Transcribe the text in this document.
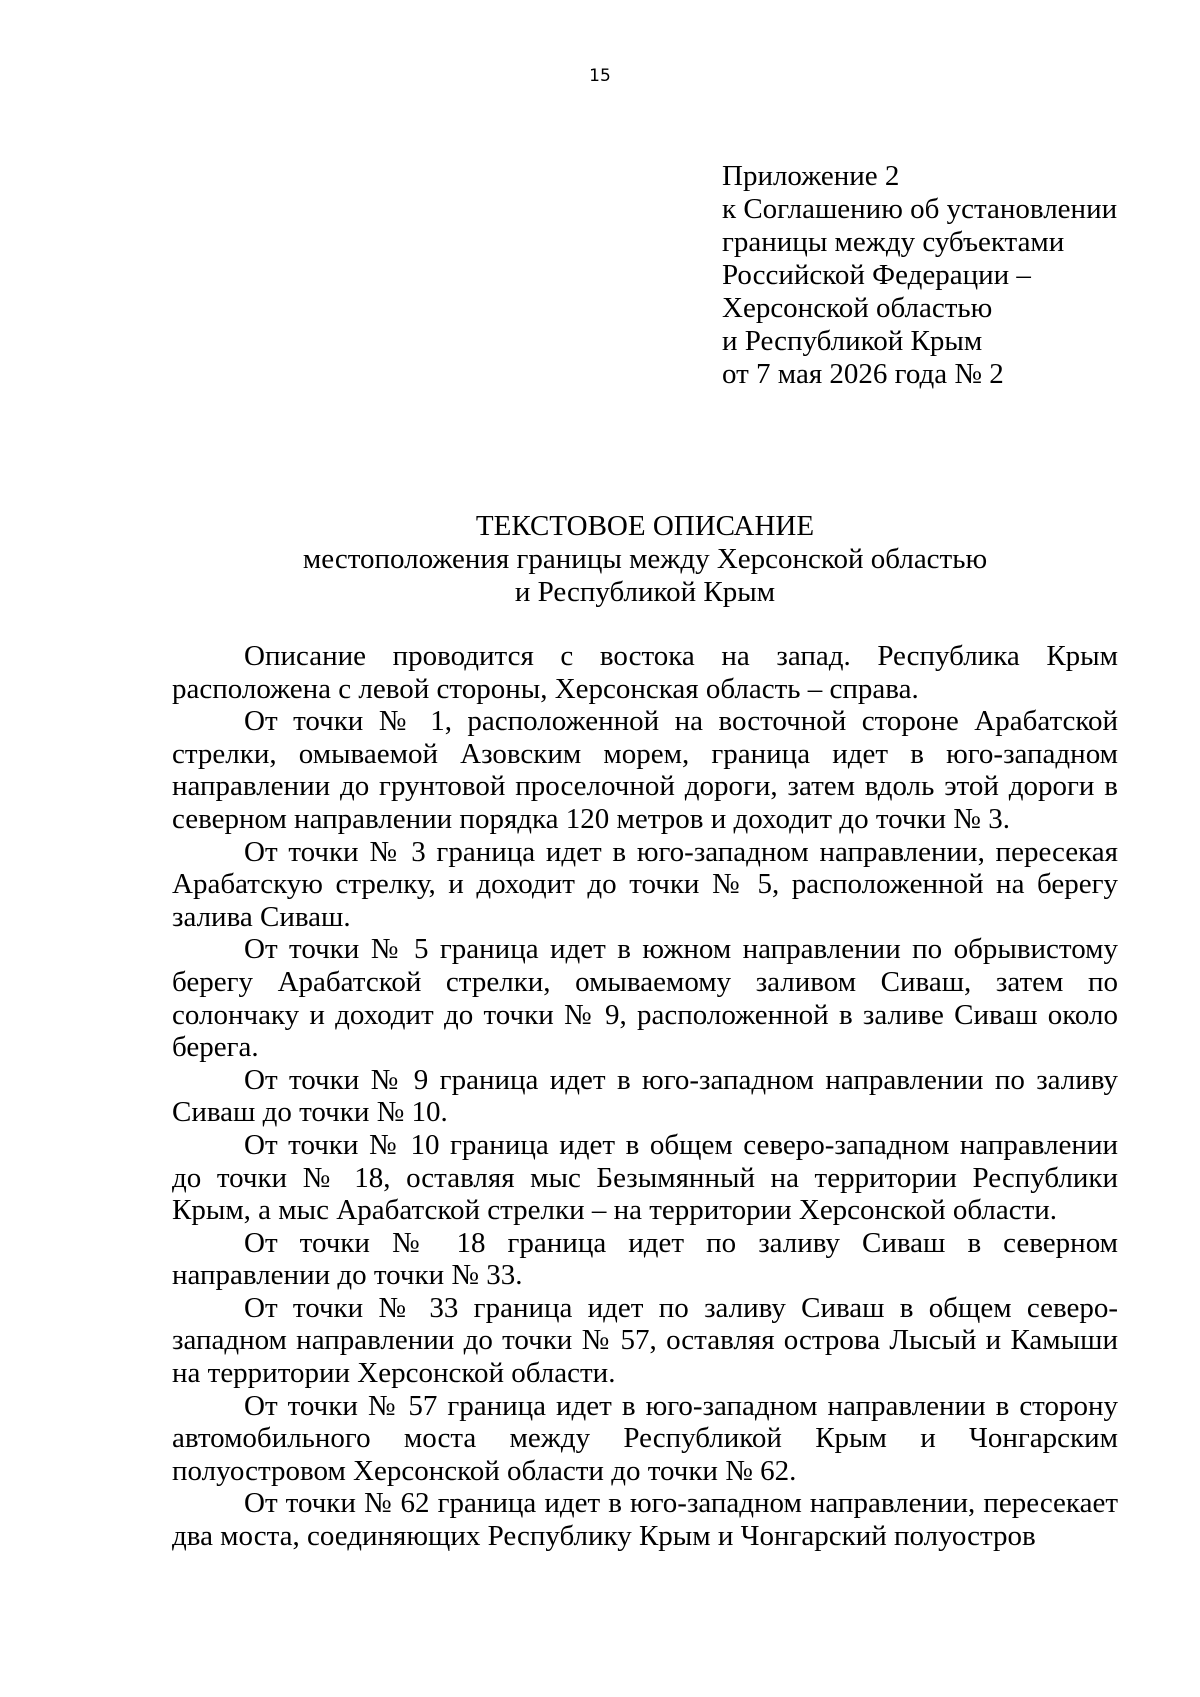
15
Приложение 2
к Соглашению об установлении
границы между субъектами
Российской Федерации –
Херсонской областью
и Республикой Крым
от 7 мая 2026 года № 2
ТЕКСТОВОЕ ОПИСАНИЕ
местоположения границы между Херсонской областью
и Республикой Крым

Описание проводится с востока на запад. Республика Крым расположена с левой стороны, Херсонская область – справа.

От точки № 1, расположенной на восточной стороне Арабатской стрелки, омываемой Азовским морем, граница идет в юго-западном направлении до грунтовой проселочной дороги, затем вдоль этой дороги в северном направлении порядка 120 метров и доходит до точки № 3.

От точки № 3 граница идет в юго-западном направлении, пересекая Арабатскую стрелку, и доходит до точки № 5, расположенной на берегу залива Сиваш.

От точки № 5 граница идет в южном направлении по обрывистому берегу Арабатской стрелки, омываемому заливом Сиваш, затем по солончаку и доходит до точки № 9, расположенной в заливе Сиваш около берега.

От точки № 9 граница идет в юго-западном направлении по заливу Сиваш до точки № 10.

От точки № 10 граница идет в общем северо-западном направлении до точки № 18, оставляя мыс Безымянный на территории Республики Крым, а мыс Арабатской стрелки – на территории Херсонской области.

От точки № 18 граница идет по заливу Сиваш в северном направлении до точки № 33.

От точки № 33 граница идет по заливу Сиваш в общем северо-западном направлении до точки № 57, оставляя острова Лысый и Камыши на территории Херсонской области.

От точки № 57 граница идет в юго-западном направлении в сторону автомобильного моста между Республикой Крым и Чонгарским полуостровом Херсонской области до точки № 62.

От точки № 62 граница идет в юго-западном направлении, пересекает два моста, соединяющих Республику Крым и Чонгарский полуостров
